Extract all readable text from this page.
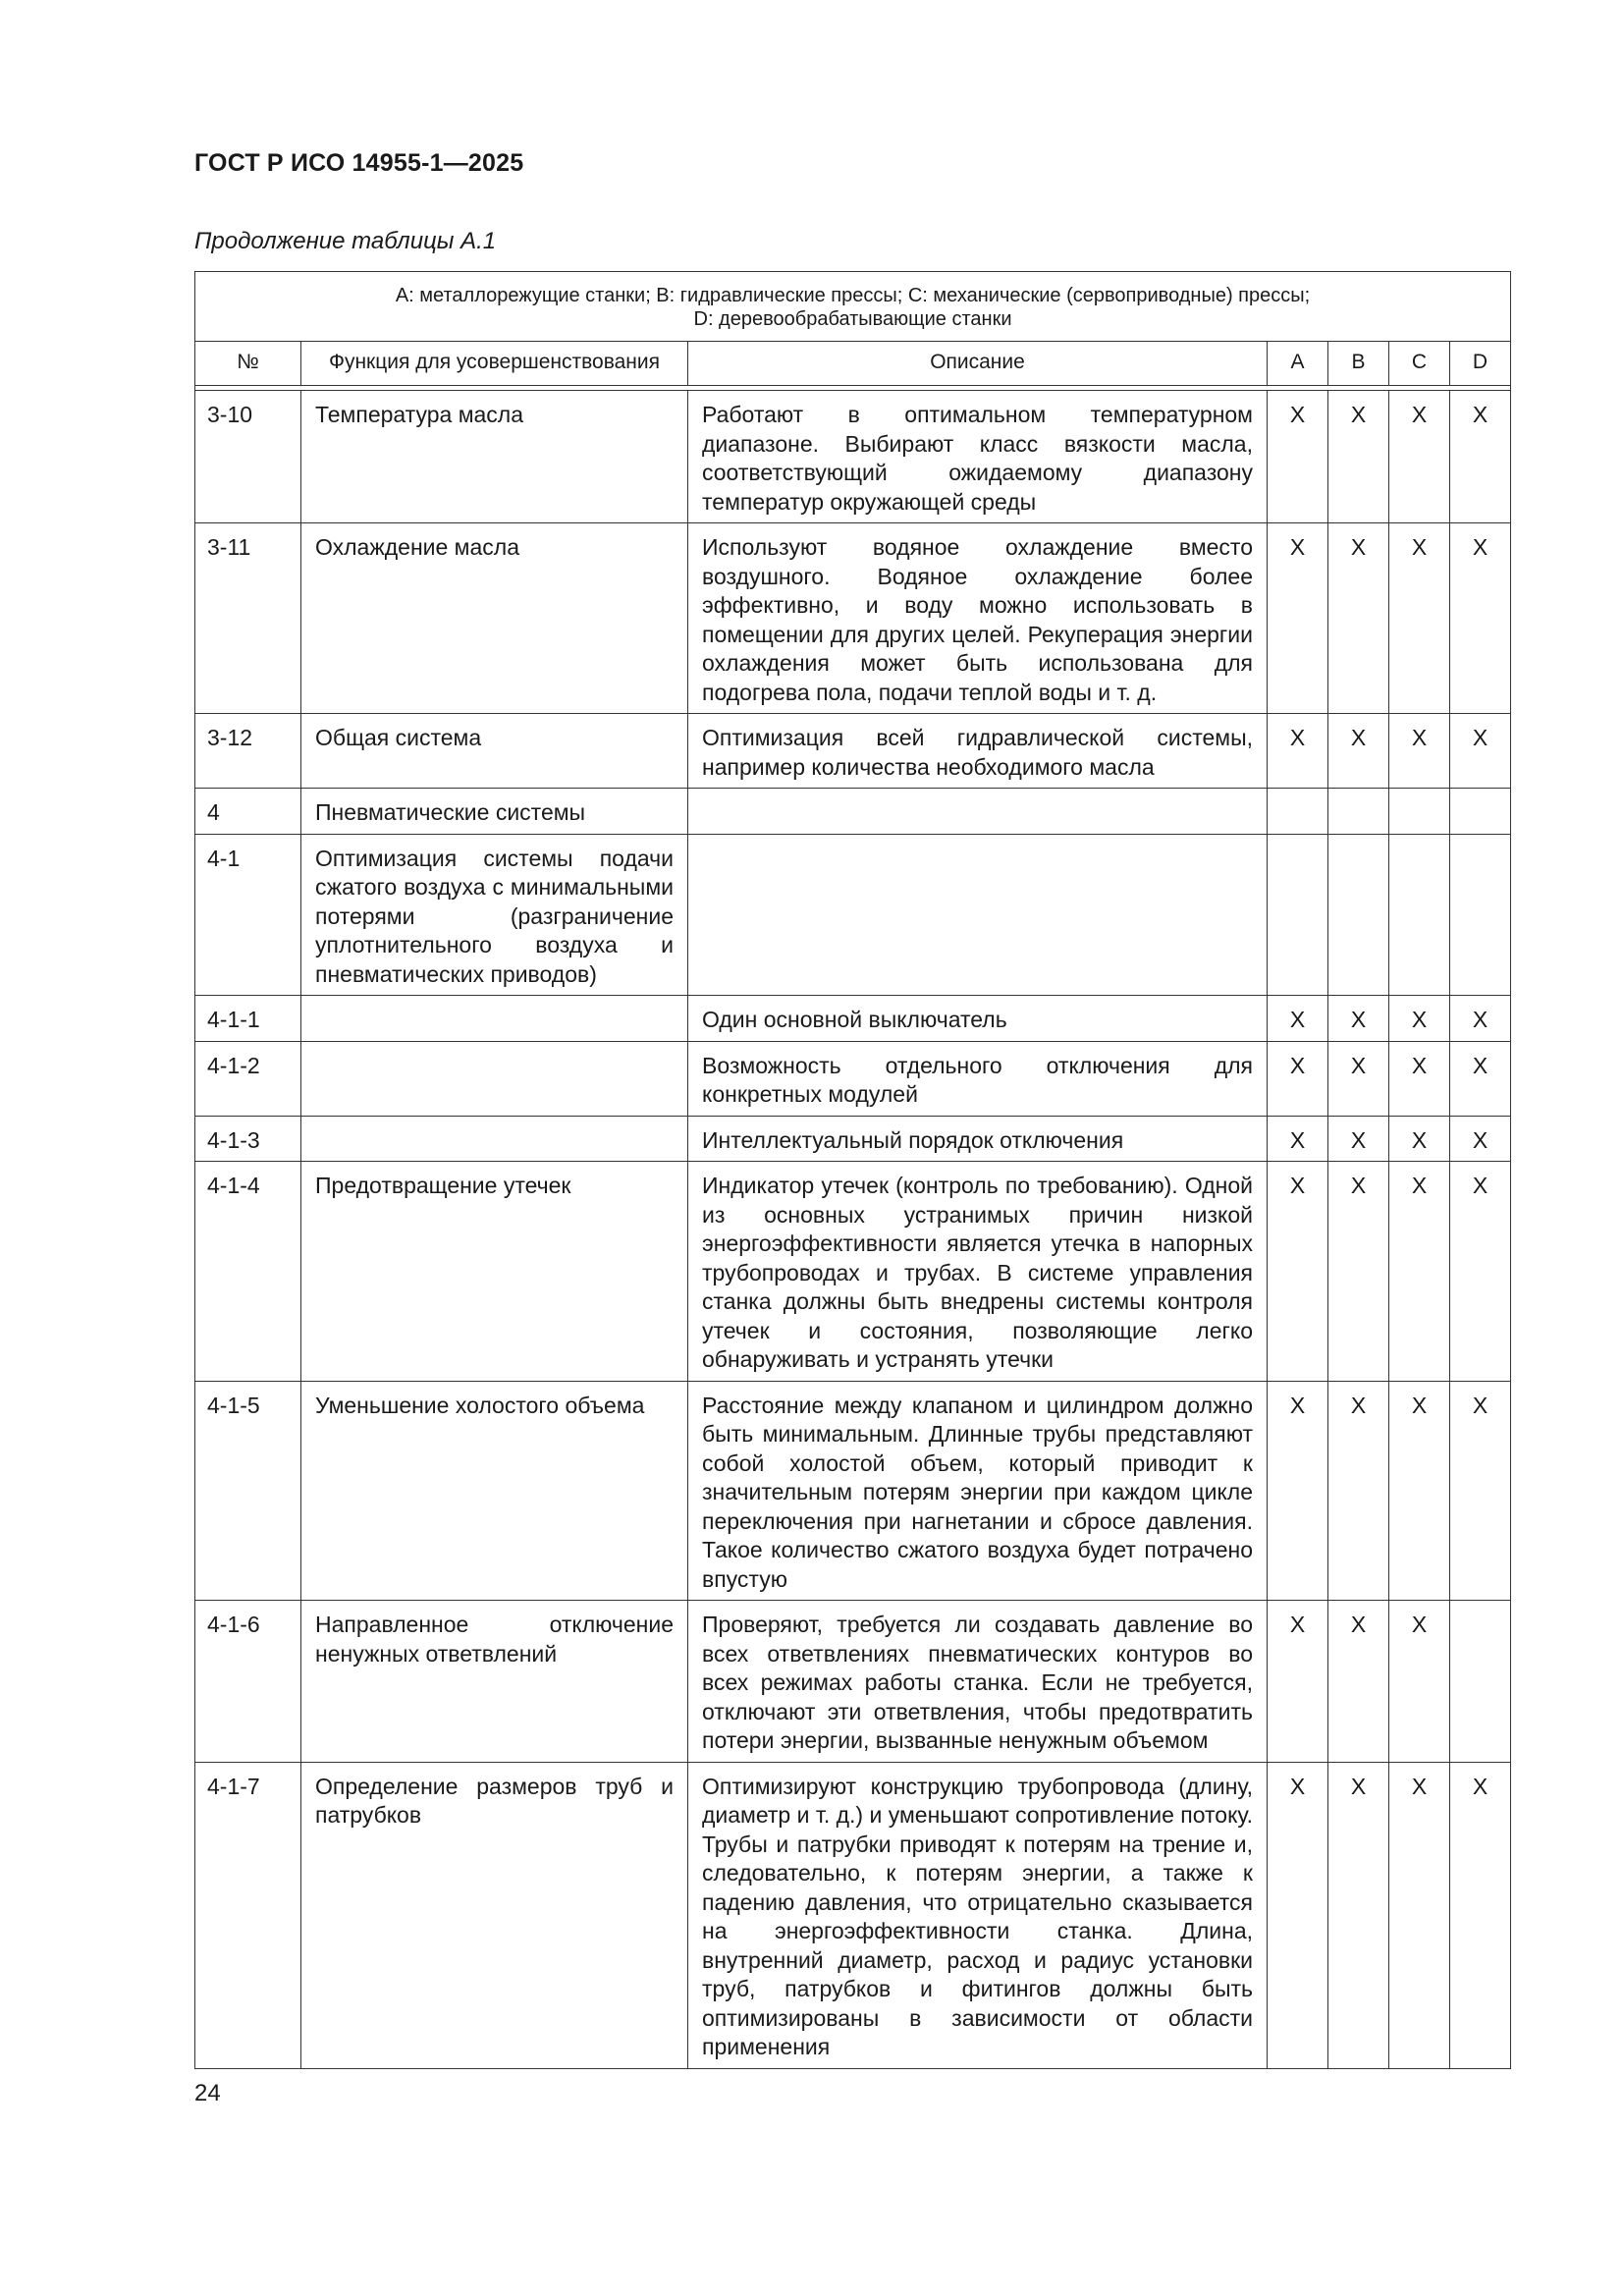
ГОСТ Р ИСО 14955-1—2025
Продолжение таблицы А.1
А: металлорежущие станки; В: гидравлические прессы; С: механические (сервоприводные) прессы;
D: деревообрабатывающие станки						

№	Функция для усовершенствования	Описание	A	B	C	D

3-10	Температура масла	Работают в оптимальном температурном диапазоне. Выбирают класс вязкости масла, соответствующий ожидаемому диапазону температур окружающей среды	X	X	X	X
3-11	Охлаждение масла	Используют водяное охлаждение вместо воздушного. Водяное охлаждение более эффективно, и воду можно использовать в помещении для других целей. Рекуперация энергии охлаждения может быть использована для подогрева пола, подачи теплой воды и т. д.	X	X	X	X
3-12	Общая система	Оптимизация всей гидравлической системы, например количества необходимого масла	X	X	X	X
4	Пневматические системы					
4-1	Оптимизация системы подачи сжатого воздуха с минимальными потерями (разграничение уплотнительного воздуха и пневматических приводов)					
4-1-1		Один основной выключатель	X	X	X	X
4-1-2		Возможность отдельного отключения для конкретных модулей	X	X	X	X
4-1-3		Интеллектуальный порядок отключения	X	X	X	X
4-1-4	Предотвращение утечек	Индикатор утечек (контроль по требованию). Одной из основных устранимых причин низкой энергоэффективности является утечка в напорных трубопроводах и трубах. В системе управления станка должны быть внедрены системы контроля утечек и состояния, позволяющие легко обнаруживать и устранять утечки	X	X	X	X
4-1-5	Уменьшение холостого объема	Расстояние между клапаном и цилиндром должно быть минимальным. Длинные трубы представляют собой холостой объем, который приводит к значительным потерям энергии при каждом цикле переключения при нагнетании и сбросе давления. Такое количество сжатого воздуха будет потрачено впустую	X	X	X	X
4-1-6	Направленное отключение ненужных ответвлений	Проверяют, требуется ли создавать давление во всех ответвлениях пневматических контуров во всех режимах работы станка. Если не требуется, отключают эти ответвления, чтобы предотвратить потери энергии, вызванные ненужным объемом	X	X	X	
4-1-7	Определение размеров труб и патрубков	Оптимизируют конструкцию трубопровода (длину, диаметр и т. д.) и уменьшают сопротивление потоку. Трубы и патрубки приводят к потерям на трение и, следовательно, к потерям энергии, а также к падению давления, что отрицательно сказывается на энергоэффективности станка. Длина, внутренний диаметр, расход и радиус установки труб, патрубков и фитингов должны быть оптимизированы в зависимости от области применения	X	X	X	X
24
